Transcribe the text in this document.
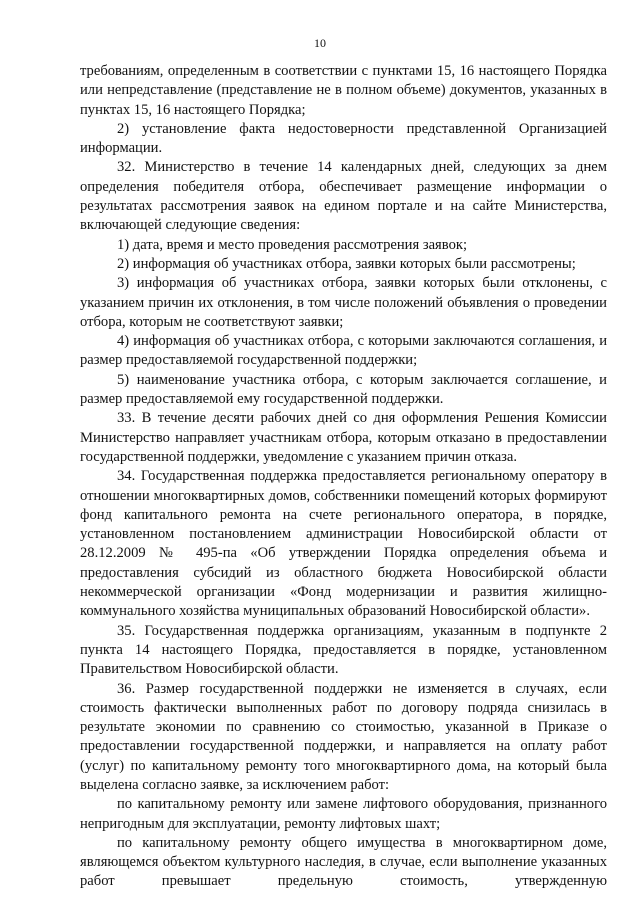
10

требованиям, определенным в соответствии с пунктами 15, 16 настоящего Порядка или непредставление (представление не в полном объеме) документов, указанных в пунктах 15, 16 настоящего Порядка;

2) установление факта недостоверности представленной Организацией информации.

32. Министерство в течение 14 календарных дней, следующих за днем определения победителя отбора, обеспечивает размещение информации о результатах рассмотрения заявок на едином портале и на сайте Министерства, включающей следующие сведения:

1) дата, время и место проведения рассмотрения заявок;

2) информация об участниках отбора, заявки которых были рассмотрены;

3) информация об участниках отбора, заявки которых были отклонены, с указанием причин их отклонения, в том числе положений объявления о проведении отбора, которым не соответствуют заявки;

4) информация об участниках отбора, с которыми заключаются соглашения, и размер предоставляемой государственной поддержки;

5) наименование участника отбора, с которым заключается соглашение, и размер предоставляемой ему государственной поддержки.

33. В течение десяти рабочих дней со дня оформления Решения Комиссии Министерство направляет участникам отбора, которым отказано в предоставлении государственной поддержки, уведомление с указанием причин отказа.

34. Государственная поддержка предоставляется региональному оператору в отношении многоквартирных домов, собственники помещений которых формируют фонд капитального ремонта на счете регионального оператора, в порядке, установленном постановлением администрации Новосибирской области от 28.12.2009 № 495-па «Об утверждении Порядка определения объема и предоставления субсидий из областного бюджета Новосибирской области некоммерческой организации «Фонд модернизации и развития жилищно-коммунального хозяйства муниципальных образований Новосибирской области».

35. Государственная поддержка организациям, указанным в подпункте 2 пункта 14 настоящего Порядка, предоставляется в порядке, установленном Правительством Новосибирской области.

36. Размер государственной поддержки не изменяется в случаях, если стоимость фактически выполненных работ по договору подряда снизилась в результате экономии по сравнению со стоимостью, указанной в Приказе о предоставлении государственной поддержки, и направляется на оплату работ (услуг) по капитальному ремонту того многоквартирного дома, на который была выделена согласно заявке, за исключением работ:

по капитальному ремонту или замене лифтового оборудования, признанного непригодным для эксплуатации, ремонту лифтовых шахт;

по капитальному ремонту общего имущества в многоквартирном доме, являющемся объектом культурного наследия, в случае, если выполнение указанных работ превышает предельную стоимость, утвержденную
